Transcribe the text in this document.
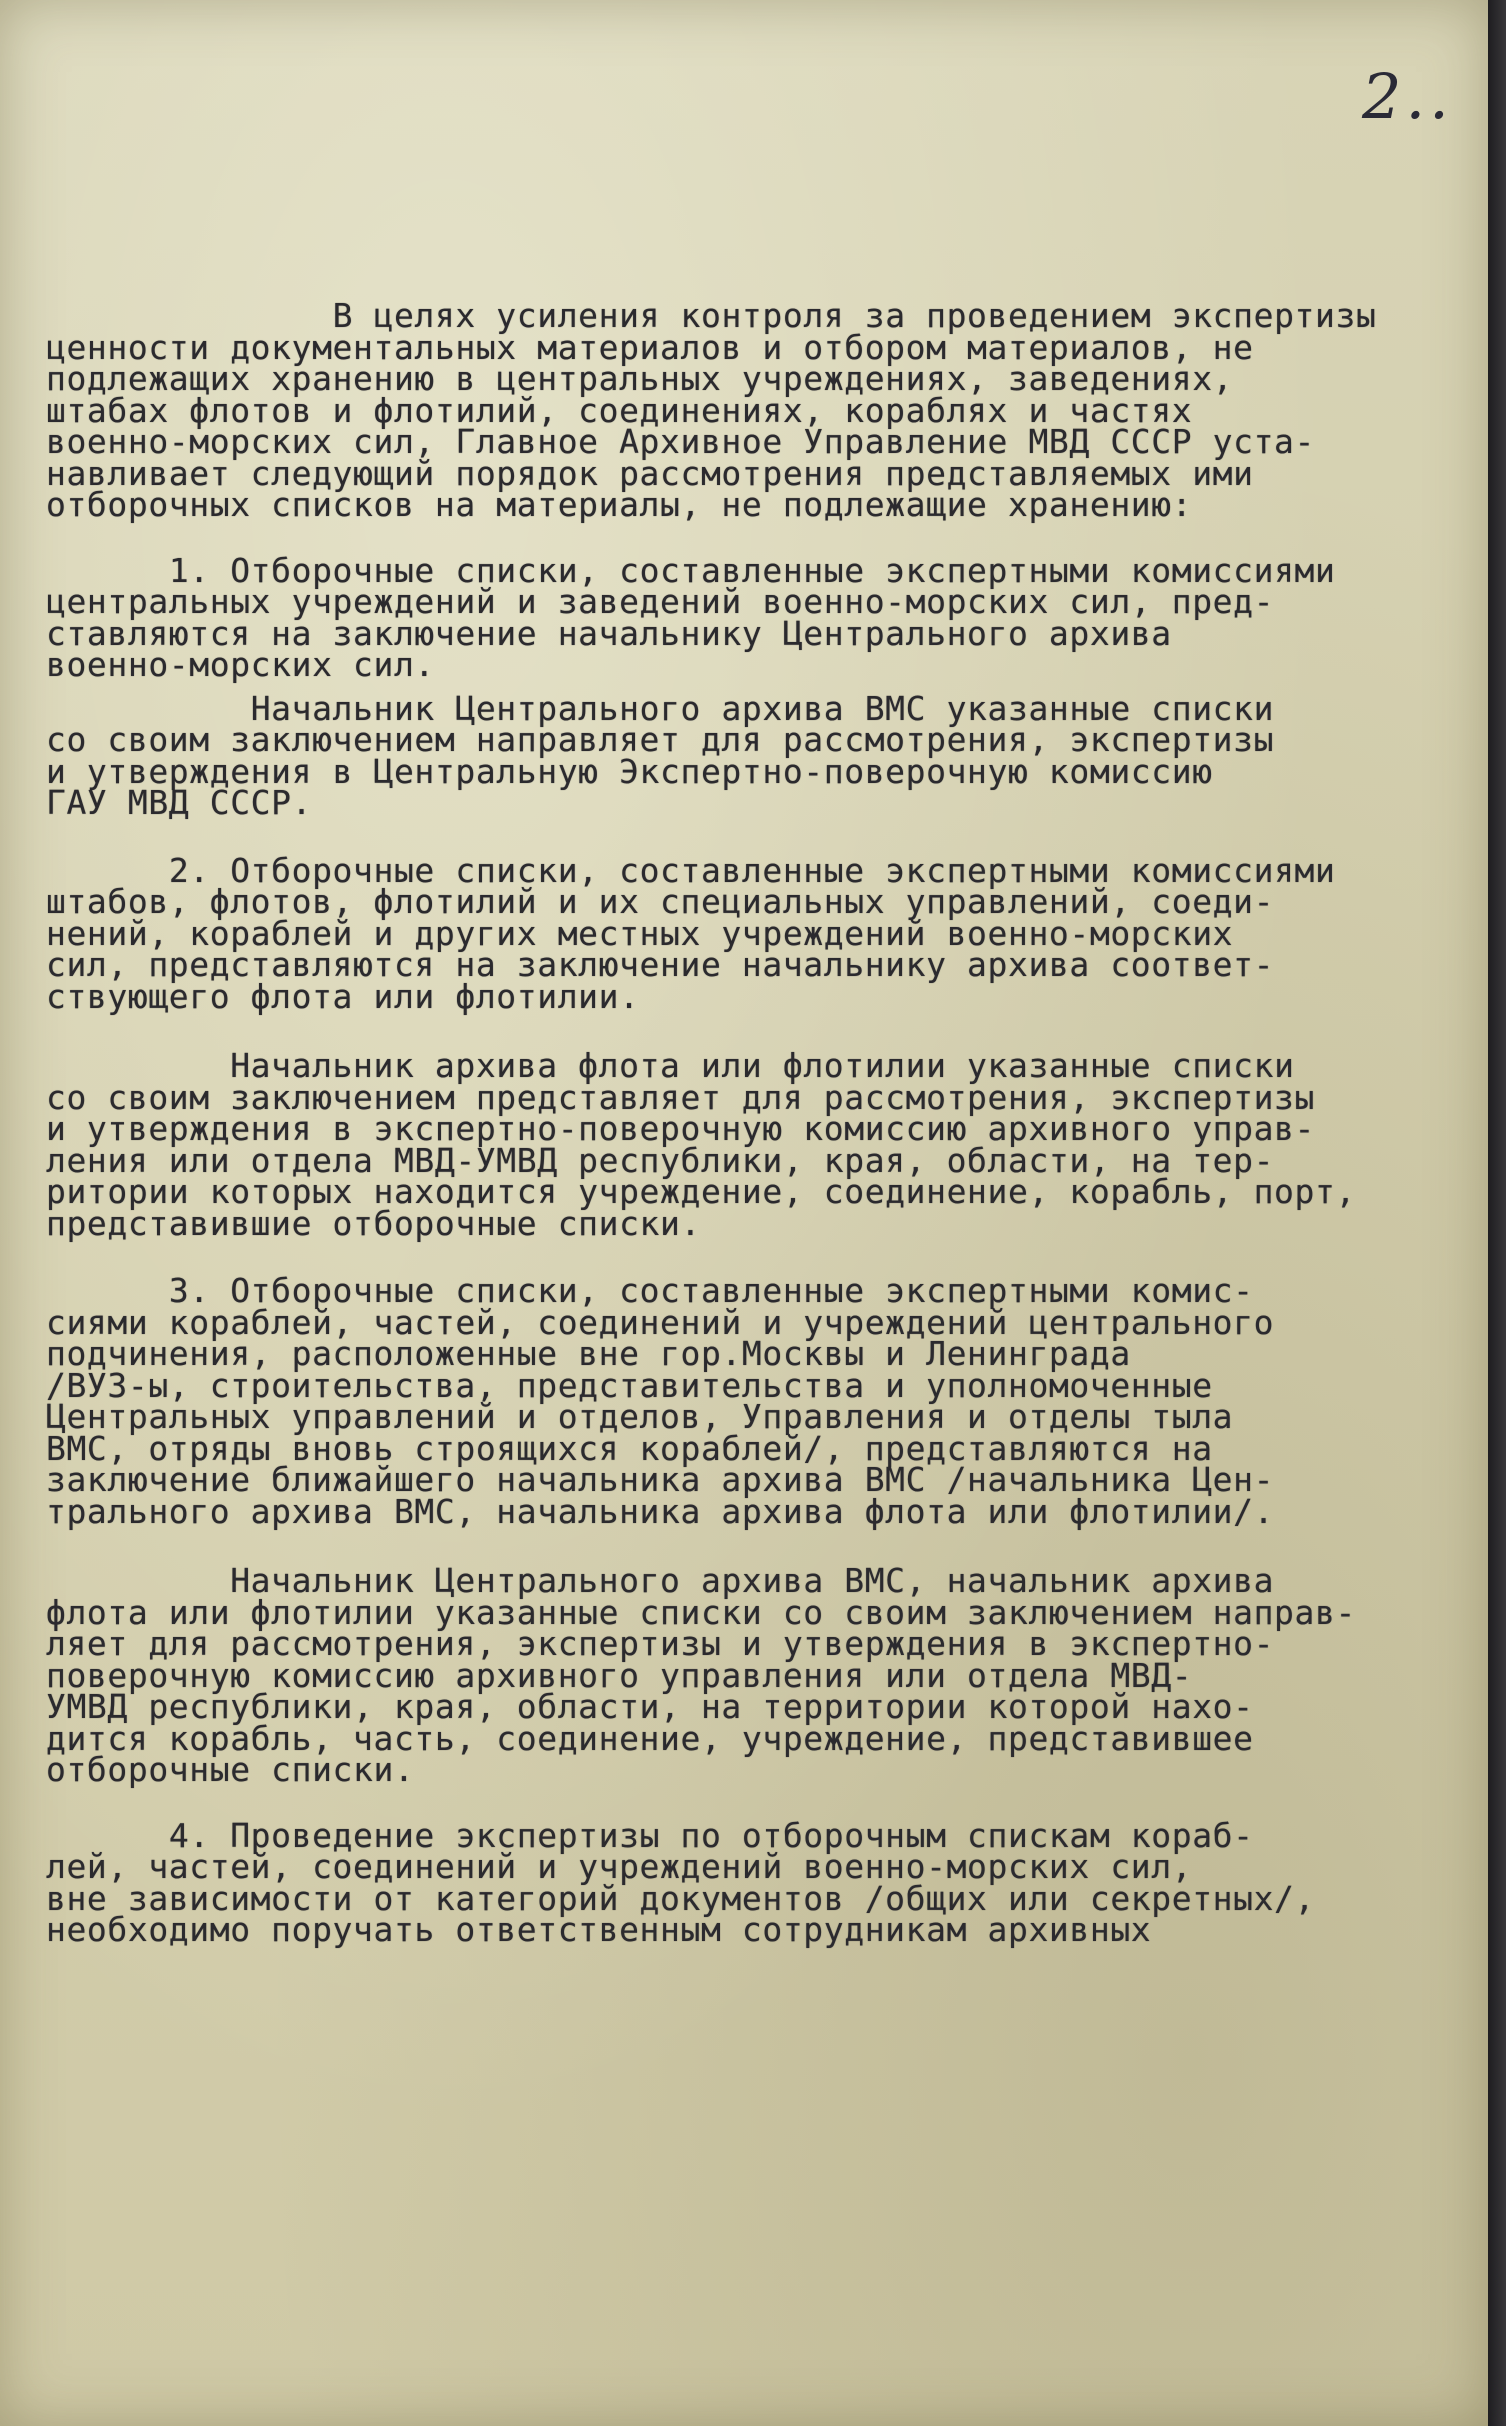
2..
В целях усиления контроля за проведением экспертизы
ценности документальных материалов и отбором материалов, не
подлежащих хранению в центральных учреждениях, заведениях,
штабах флотов и флотилий, соединениях, кораблях и частях
военно-морских сил, Главное Архивное Управление МВД СССР уста-
навливает следующий порядок рассмотрения представляемых ими
отборочных списков на материалы, не подлежащие хранению:
1. Отборочные списки, составленные экспертными комиссиями
центральных учреждений и заведений военно-морских сил, пред-
ставляются на заключение начальнику Центрального архива
военно-морских сил.
Начальник Центрального архива ВМС указанные списки
со своим заключением направляет для рассмотрения, экспертизы
и утверждения в Центральную Экспертно-поверочную комиссию
ГАУ МВД СССР.
2. Отборочные списки, составленные экспертными комиссиями
штабов, флотов, флотилий и их специальных управлений, соеди-
нений, кораблей и других местных учреждений военно-морских
сил, представляются на заключение начальнику архива соответ-
ствующего флота или флотилии.
Начальник архива флота или флотилии указанные списки
со своим заключением представляет для рассмотрения, экспертизы
и утверждения в экспертно-поверочную комиссию архивного управ-
ления или отдела МВД-УМВД республики, края, области, на тер-
ритории которых находится учреждение, соединение, корабль, порт,
представившие отборочные списки.
3. Отборочные списки, составленные экспертными комис-
сиями кораблей, частей, соединений и учреждений центрального
подчинения, расположенные вне гор.Москвы и Ленинграда
/ВУЗ-ы, строительства, представительства и уполномоченные
Центральных управлений и отделов, Управления и отделы тыла
ВМС, отряды вновь строящихся кораблей/, представляются на
заключение ближайшего начальника архива ВМС /начальника Цен-
трального архива ВМС, начальника архива флота или флотилии/.
Начальник Центрального архива ВМС, начальник архива
флота или флотилии указанные списки со своим заключением направ-
ляет для рассмотрения, экспертизы и утверждения в экспертно-
поверочную комиссию архивного управления или отдела МВД-
УМВД республики, края, области, на территории которой нахо-
дится корабль, часть, соединение, учреждение, представившее
отборочные списки.
4. Проведение экспертизы по отборочным спискам кораб-
лей, частей, соединений и учреждений военно-морских сил,
вне зависимости от категорий документов /общих или секретных/,
необходимо поручать ответственным сотрудникам архивных
